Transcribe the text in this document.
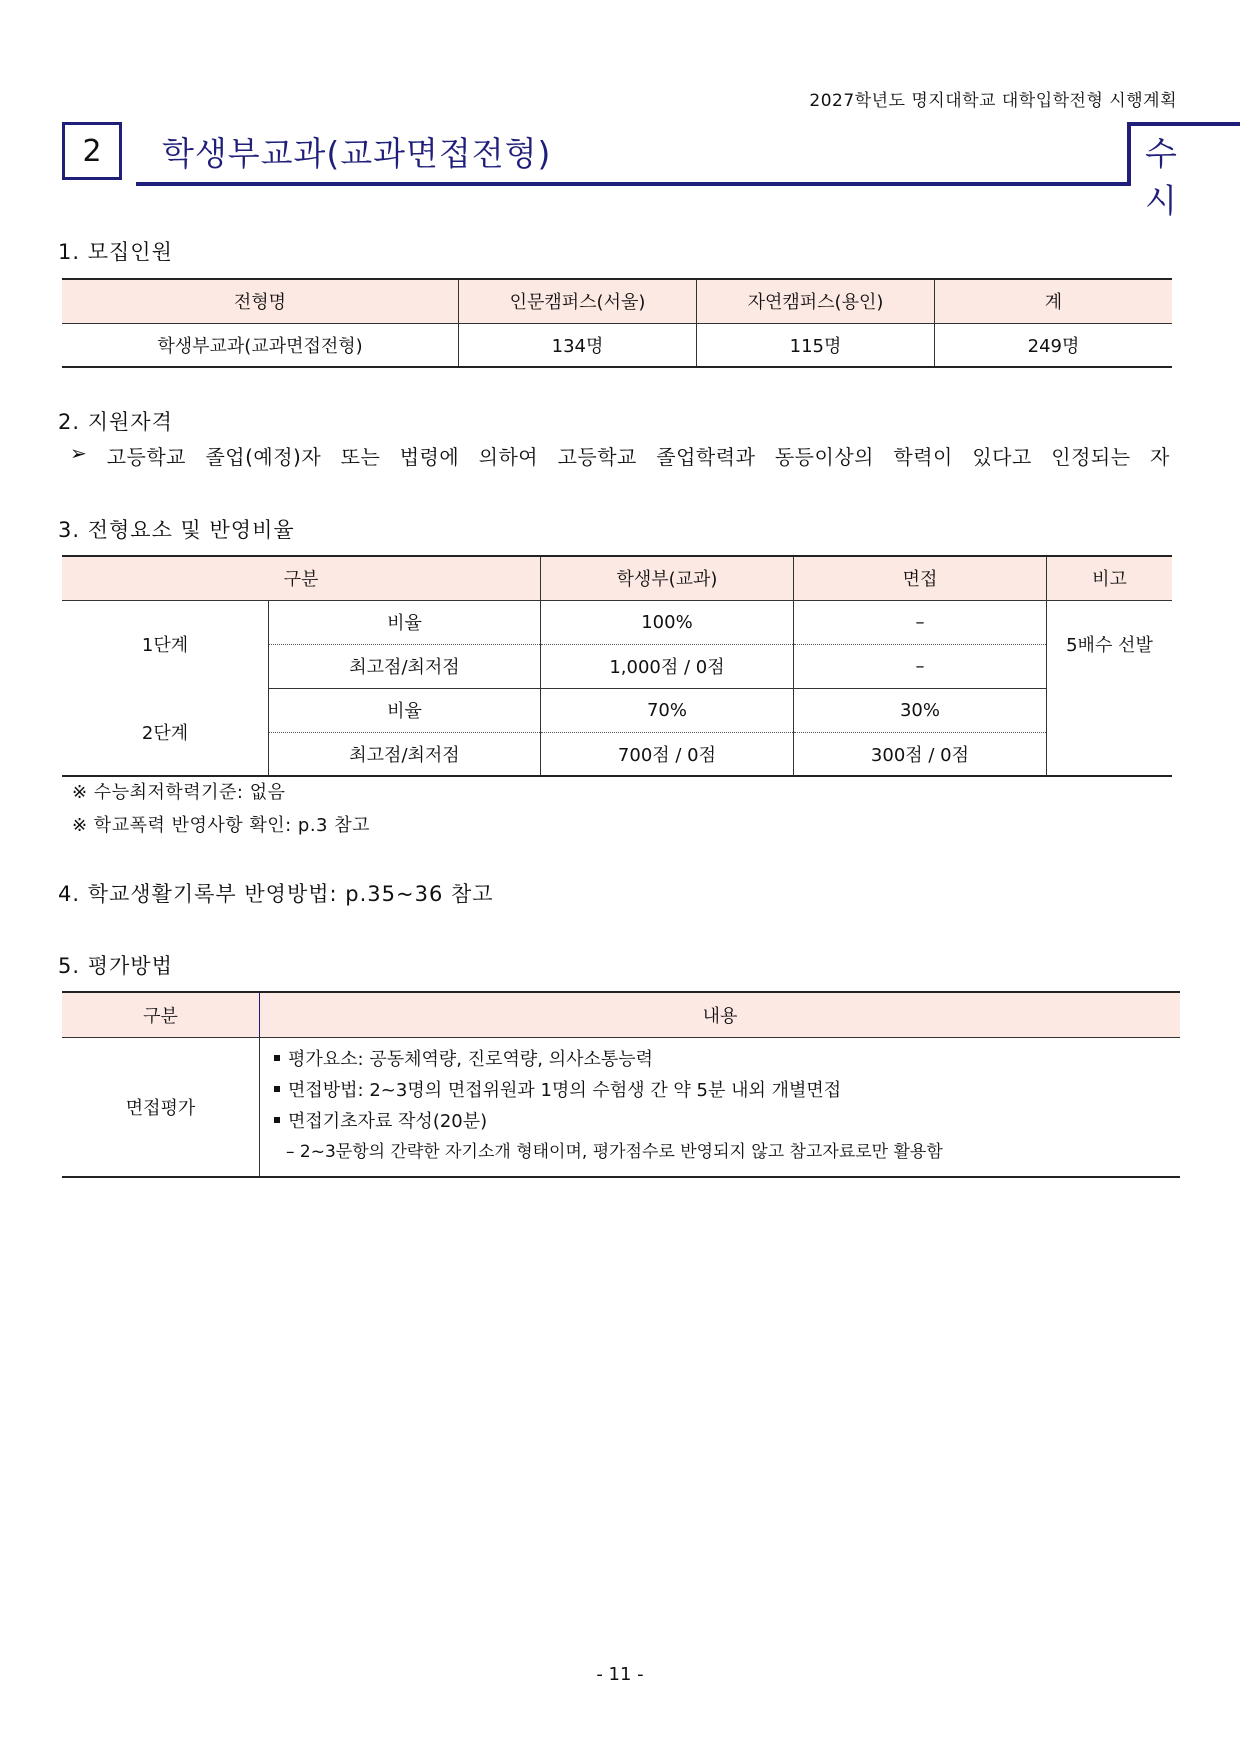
2027학년도 명지대학교 대학입학전형 시행계획
2	학생부교과(교과면접전형)	수시
1. 모집인원
전형명	인문캠퍼스(서울)	자연캠퍼스(용인)	계
학생부교과(교과면접전형)	134명	115명	249명
2. 지원자격
➢ 고등학교 졸업(예정)자 또는 법령에 의하여 고등학교 졸업학력과 동등이상의 학력이 있다고 인정되는 자
3. 전형요소 및 반영비율
구분		학생부(교과)	면접	비고
1단계	비율	100%	–	5배수 선발
	최고점/최저점	1,000점 / 0점	–	
2단계	비율	70%	30%	
	최고점/최저점	700점 / 0점	300점 / 0점	
※ 수능최저학력기준: 없음
※ 학교폭력 반영사항 확인: p.3 참고
4. 학교생활기록부 반영방법: p.35~36 참고
5. 평가방법
구분	내용
면접평가	평가요소: 공동체역량, 진로역량, 의사소통능력
면접방법: 2~3명의 면접위원과 1명의 수험생 간 약 5분 내외 개별면접
면접기초자료 작성(20분)
– 2~3문항의 간략한 자기소개 형태이며, 평가점수로 반영되지 않고 참고자료로만 활용함
- 11 -
